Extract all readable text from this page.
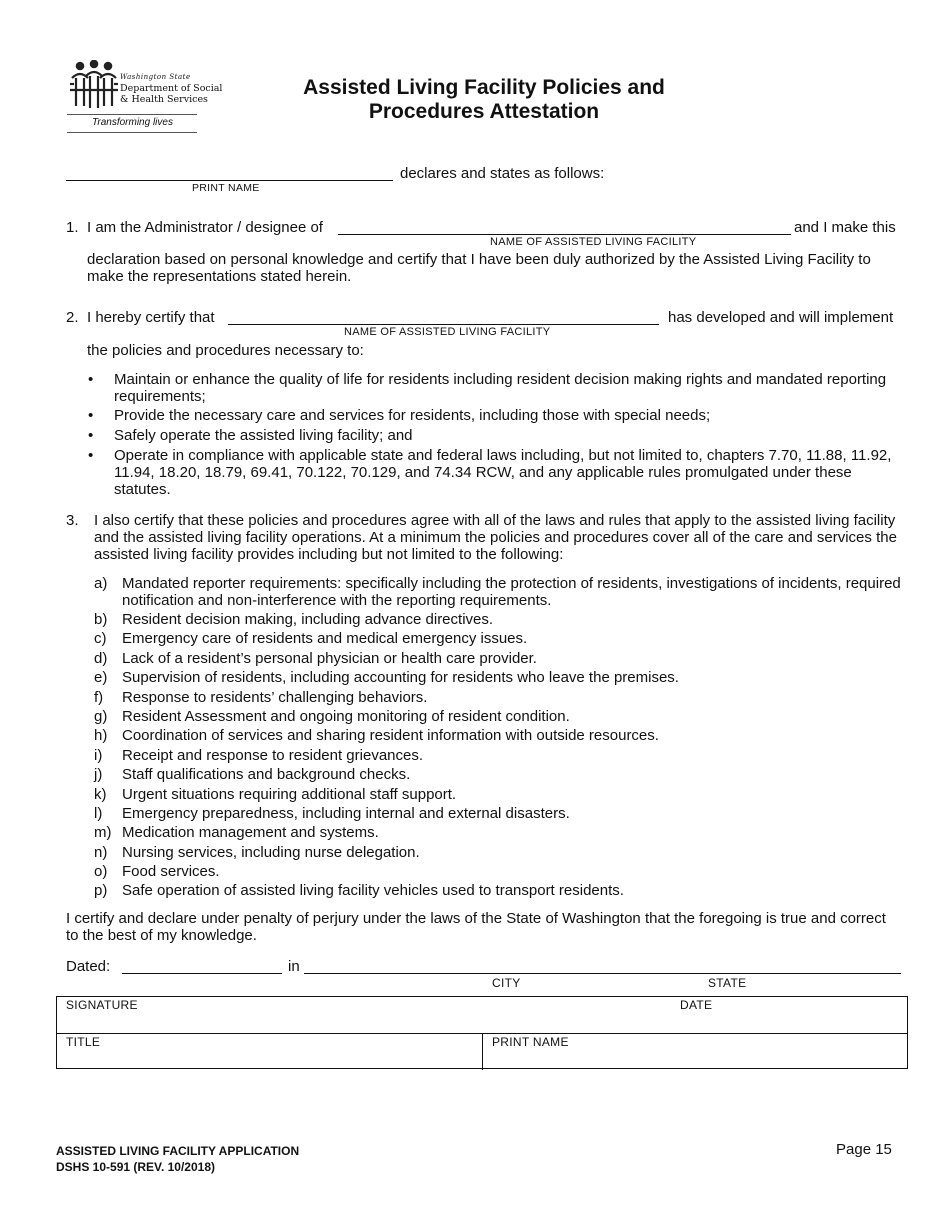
Washington State
Department of Social
& Health Services
Transforming lives
Assisted Living Facility Policies and
Procedures Attestation
declares and states as follows:
PRINT NAME
1. I am the Administrator / designee of	and I make this
NAME OF ASSISTED LIVING FACILITY
declaration based on personal knowledge and certify that I have been duly authorized by the Assisted Living Facility to
make the representations stated herein.
2. I hereby certify that	has developed and will implement
NAME OF ASSISTED LIVING FACILITY
the policies and procedures necessary to:
• Maintain or enhance the quality of life for residents including resident decision making rights and mandated reporting requirements;
• Provide the necessary care and services for residents, including those with special needs;
• Safely operate the assisted living facility; and
• Operate in compliance with applicable state and federal laws including, but not limited to, chapters 7.70, 11.88, 11.92, 11.94, 18.20, 18.79, 69.41, 70.122, 70.129, and 74.34 RCW, and any applicable rules promulgated under these statutes.
3. I also certify that these policies and procedures agree with all of the laws and rules that apply to the assisted living facility and the assisted living facility operations. At a minimum the policies and procedures cover all of the care and services the assisted living facility provides including but not limited to the following:
a) Mandated reporter requirements: specifically including the protection of residents, investigations of incidents, required notification and non-interference with the reporting requirements.
b) Resident decision making, including advance directives.
c) Emergency care of residents and medical emergency issues.
d) Lack of a resident’s personal physician or health care provider.
e) Supervision of residents, including accounting for residents who leave the premises.
f) Response to residents’ challenging behaviors.
g) Resident Assessment and ongoing monitoring of resident condition.
h) Coordination of services and sharing resident information with outside resources.
i) Receipt and response to resident grievances.
j) Staff qualifications and background checks.
k) Urgent situations requiring additional staff support.
l) Emergency preparedness, including internal and external disasters.
m) Medication management and systems.
n) Nursing services, including nurse delegation.
o) Food services.
p) Safe operation of assisted living facility vehicles used to transport residents.
I certify and declare under penalty of perjury under the laws of the State of Washington that the foregoing is true and correct to the best of my knowledge.
Dated:	in
CITY	STATE
SIGNATURE	DATE
TITLE	PRINT NAME
ASSISTED LIVING FACILITY APPLICATION
DSHS 10-591 (REV. 10/2018)
Page 15
